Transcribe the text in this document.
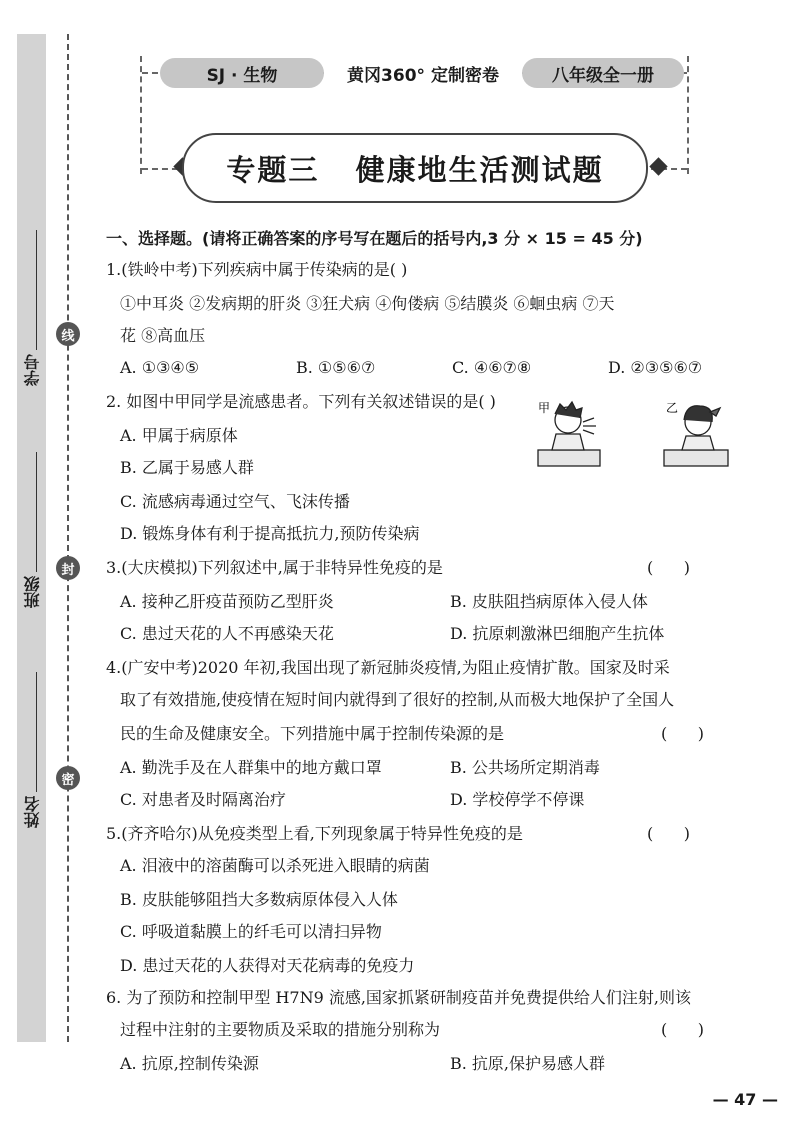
学号
班级
姓名
线
封
密
SJ · 生物	黄冈360° 定制密卷	八年级全一册
专题三   健康地生活测试题
一、选择题。(请将正确答案的序号写在题后的括号内,3 分 × 15 = 45 分)
1.(铁岭中考)下列疾病中属于传染病的是( )
①中耳炎 ②发病期的肝炎 ③狂犬病 ④佝偻病 ⑤结膜炎 ⑥蛔虫病 ⑦天
花 ⑧高血压
A. ①③④⑤	B. ①⑤⑥⑦	C. ④⑥⑦⑧	D. ②③⑤⑥⑦
2. 如图中甲同学是流感患者。下列有关叙述错误的是( )
A. 甲属于病原体
B. 乙属于易感人群
C. 流感病毒通过空气、飞沫传播
D. 锻炼身体有利于提高抵抗力,预防传染病
甲	乙
3.(大庆模拟)下列叙述中,属于非特异性免疫的是	(      )
A. 接种乙肝疫苗预防乙型肝炎	B. 皮肤阻挡病原体入侵人体
C. 患过天花的人不再感染天花	D. 抗原刺激淋巴细胞产生抗体
4.(广安中考)2020 年初,我国出现了新冠肺炎疫情,为阻止疫情扩散。国家及时采
取了有效措施,使疫情在短时间内就得到了很好的控制,从而极大地保护了全国人
民的生命及健康安全。下列措施中属于控制传染源的是	(      )
A. 勤洗手及在人群集中的地方戴口罩	B. 公共场所定期消毒
C. 对患者及时隔离治疗	D. 学校停学不停课
5.(齐齐哈尔)从免疫类型上看,下列现象属于特异性免疫的是	(      )
A. 泪液中的溶菌酶可以杀死进入眼睛的病菌
B. 皮肤能够阻挡大多数病原体侵入人体
C. 呼吸道黏膜上的纤毛可以清扫异物
D. 患过天花的人获得对天花病毒的免疫力
6. 为了预防和控制甲型 H7N9 流感,国家抓紧研制疫苗并免费提供给人们注射,则该
过程中注射的主要物质及采取的措施分别称为	(      )
A. 抗原,控制传染源	B. 抗原,保护易感人群
— 47 —
